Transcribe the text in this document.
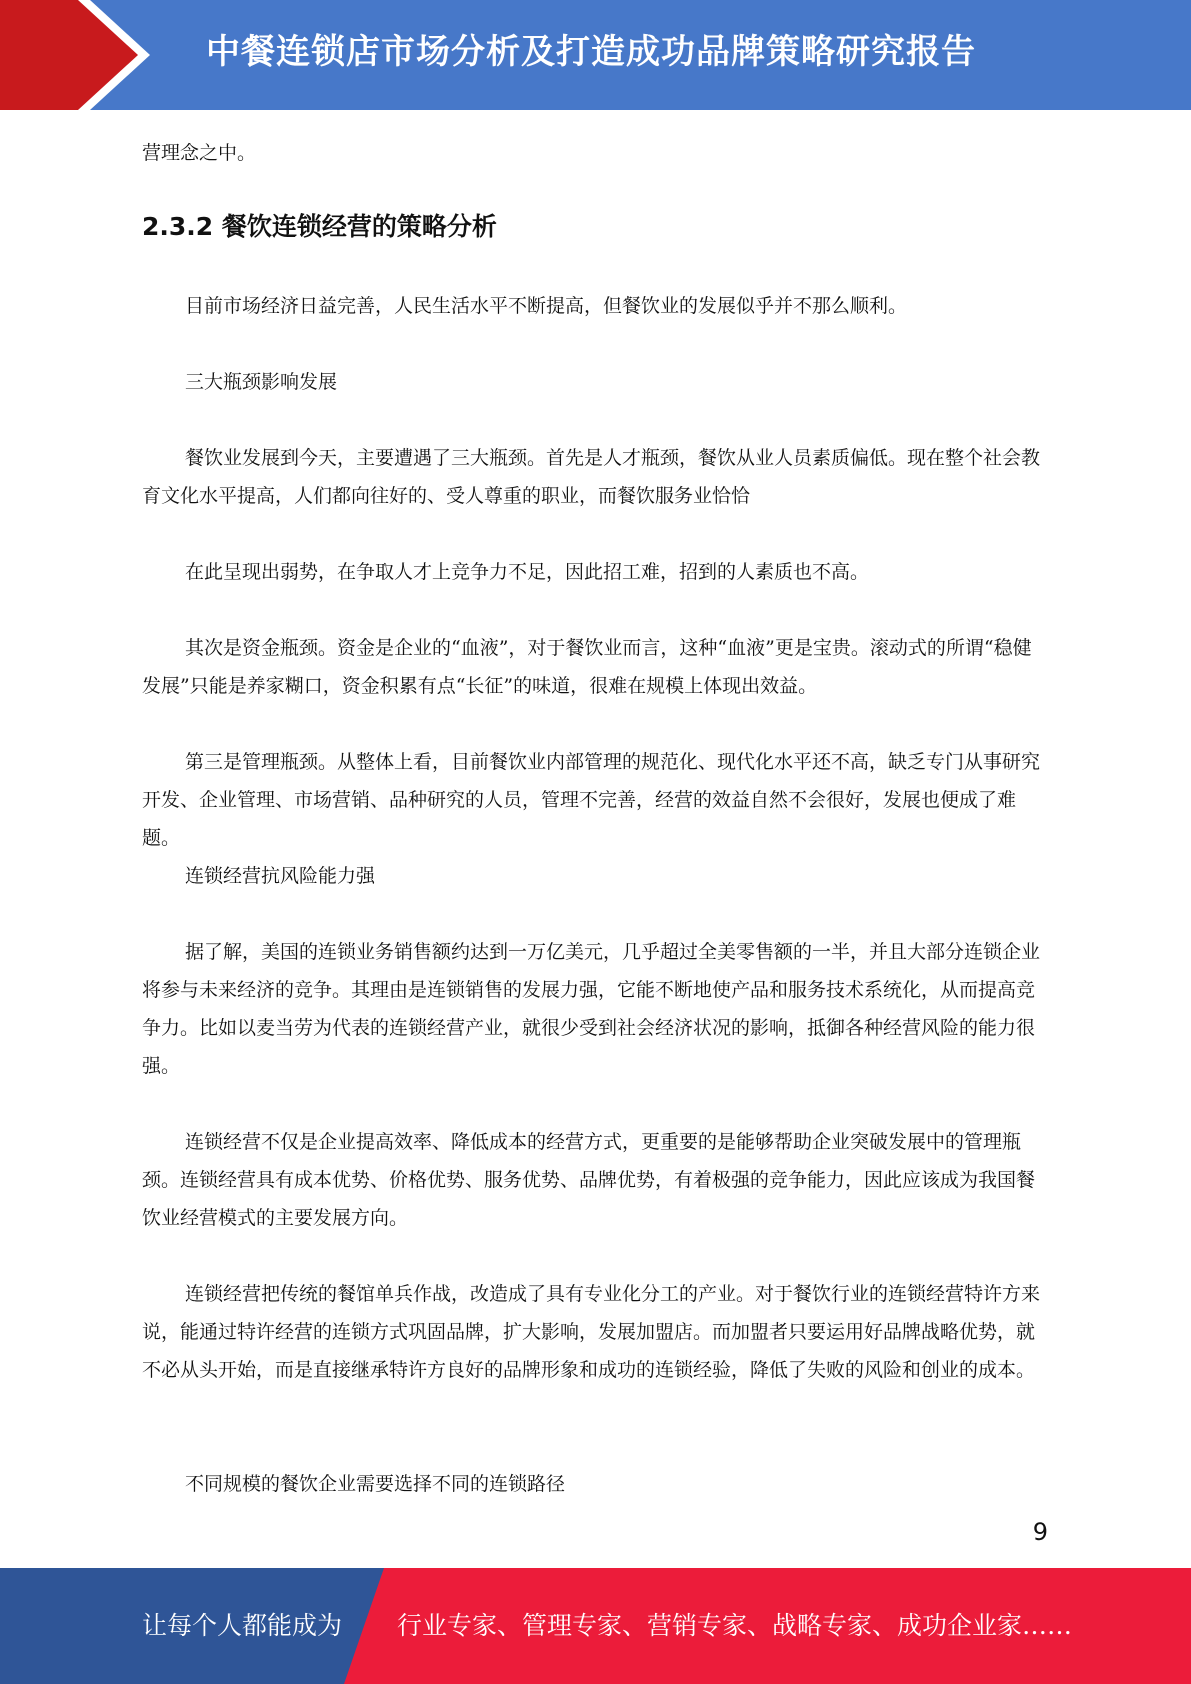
中餐连锁店市场分析及打造成功品牌策略研究报告

营理念之中。

2.3.2 餐饮连锁经营的策略分析

目前市场经济日益完善，人民生活水平不断提高，但餐饮业的发展似乎并不那么顺利。

三大瓶颈影响发展

餐饮业发展到今天，主要遭遇了三大瓶颈。首先是人才瓶颈，餐饮从业人员素质偏低。现在整个社会教育文化水平提高，人们都向往好的、受人尊重的职业，而餐饮服务业恰恰

在此呈现出弱势，在争取人才上竞争力不足，因此招工难，招到的人素质也不高。

其次是资金瓶颈。资金是企业的“血液”，对于餐饮业而言，这种“血液”更是宝贵。滚动式的所谓“稳健发展”只能是养家糊口，资金积累有点“长征”的味道，很难在规模上体现出效益。

第三是管理瓶颈。从整体上看，目前餐饮业内部管理的规范化、现代化水平还不高，缺乏专门从事研究开发、企业管理、市场营销、品种研究的人员，管理不完善，经营的效益自然不会很好，发展也便成了难题。

连锁经营抗风险能力强

据了解，美国的连锁业务销售额约达到一万亿美元，几乎超过全美零售额的一半，并且大部分连锁企业将参与未来经济的竞争。其理由是连锁销售的发展力强，它能不断地使产品和服务技术系统化，从而提高竞争力。比如以麦当劳为代表的连锁经营产业，就很少受到社会经济状况的影响，抵御各种经营风险的能力很强。

连锁经营不仅是企业提高效率、降低成本的经营方式，更重要的是能够帮助企业突破发展中的管理瓶颈。连锁经营具有成本优势、价格优势、服务优势、品牌优势，有着极强的竞争能力，因此应该成为我国餐饮业经营模式的主要发展方向。

连锁经营把传统的餐馆单兵作战，改造成了具有专业化分工的产业。对于餐饮行业的连锁经营特许方来说，能通过特许经营的连锁方式巩固品牌，扩大影响，发展加盟店。而加盟者只要运用好品牌战略优势，就不必从头开始，而是直接继承特许方良好的品牌形象和成功的连锁经验，降低了失败的风险和创业的成本。

不同规模的餐饮企业需要选择不同的连锁路径

9
让每个人都能成为 行业专家、管理专家、营销专家、战略专家、成功企业家……
